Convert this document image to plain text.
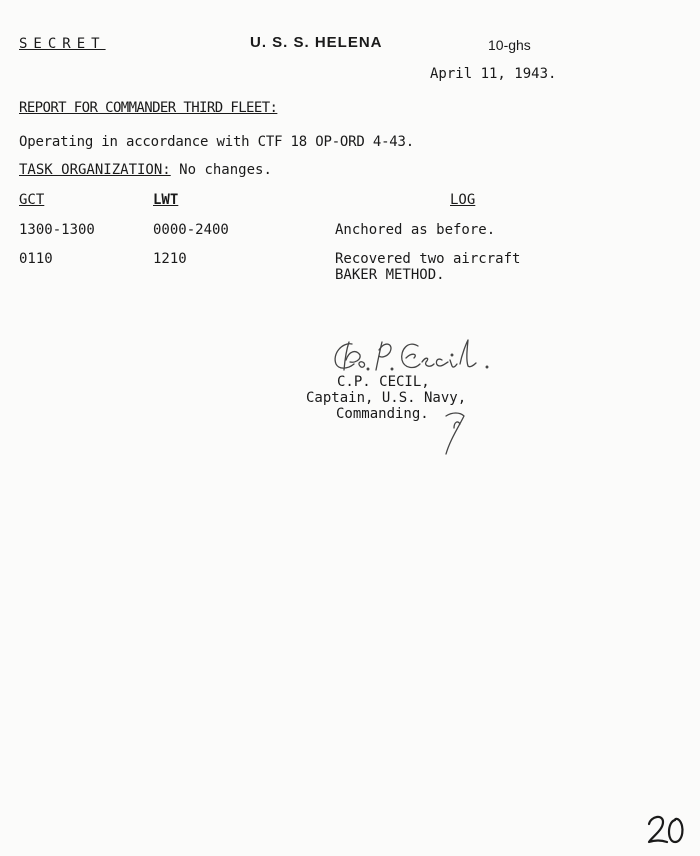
SECRET	U. S. S. HELENA	10-ghs
April 11, 1943.
REPORT FOR COMMANDER THIRD FLEET:
Operating in accordance with CTF 18 OP-ORD 4-43.
TASK ORGANIZATION: No changes.
GCT	LWT	LOG
1300-1300	0000-2400	Anchored as before.
0110	1210	Recovered two aircraft
BAKER METHOD.
C.P. CECIL,
Captain, U.S. Navy,
Commanding.
